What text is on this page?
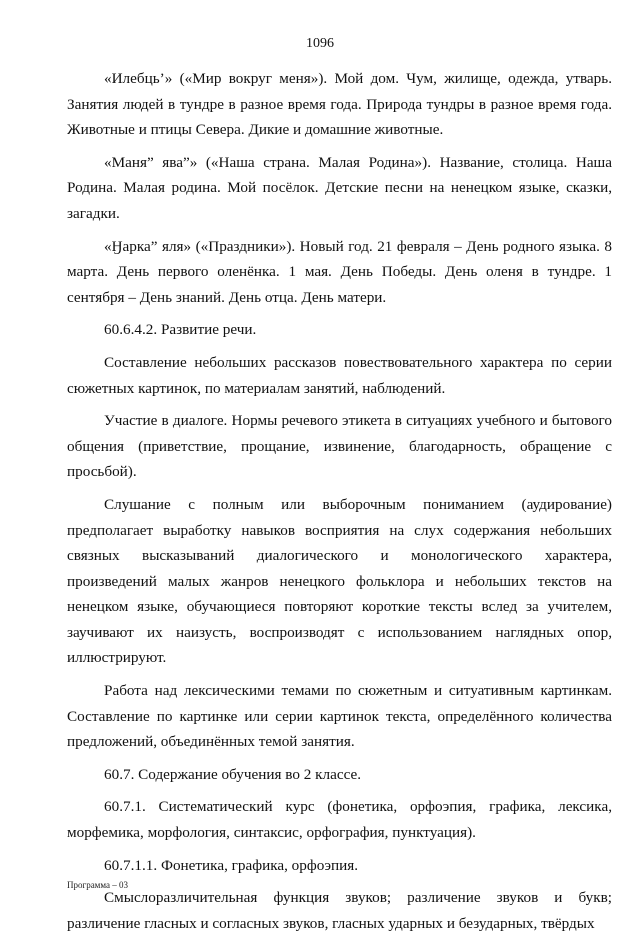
1096

«Илебць’» («Мир вокруг меня»). Мой дом. Чум, жилище, одежда, утварь. Занятия людей в тундре в разное время года. Природа тундры в разное время года. Животные и птицы Севера. Дикие и домашние животные.

«Маня” ява”» («Наша страна. Малая Родина»). Название, столица. Наша Родина. Малая родина. Мой посёлок. Детские песни на ненецком языке, сказки, загадки.

«Ӈарка” яля» («Праздники»). Новый год. 21 февраля – День родного языка. 8 марта. День первого оленёнка. 1 мая. День Победы. День оленя в тундре. 1 сентября – День знаний. День отца. День матери.

60.6.4.2. Развитие речи.

Составление небольших рассказов повествовательного характера по серии сюжетных картинок, по материалам занятий, наблюдений.

Участие в диалоге. Нормы речевого этикета в ситуациях учебного и бытового общения (приветствие, прощание, извинение, благодарность, обращение с просьбой).

Слушание с полным или выборочным пониманием (аудирование) предполагает выработку навыков восприятия на слух содержания небольших связных высказываний диалогического и монологического характера, произведений малых жанров ненецкого фольклора и небольших текстов на ненецком языке, обучающиеся повторяют короткие тексты вслед за учителем, заучивают их наизусть, воспроизводят с использованием наглядных опор, иллюстрируют.

Работа над лексическими темами по сюжетным и ситуативным картинкам. Составление по картинке или серии картинок текста, определённого количества предложений, объединённых темой занятия.

60.7. Содержание обучения во 2 классе.

60.7.1. Систематический курс (фонетика, орфоэпия, графика, лексика, морфемика, морфология, синтаксис, орфография, пунктуация).

60.7.1.1. Фонетика, графика, орфоэпия.

Смыслоразличительная функция звуков; различение звуков и букв; различение гласных и согласных звуков, гласных ударных и безударных, твёрдых

Программа – 03
